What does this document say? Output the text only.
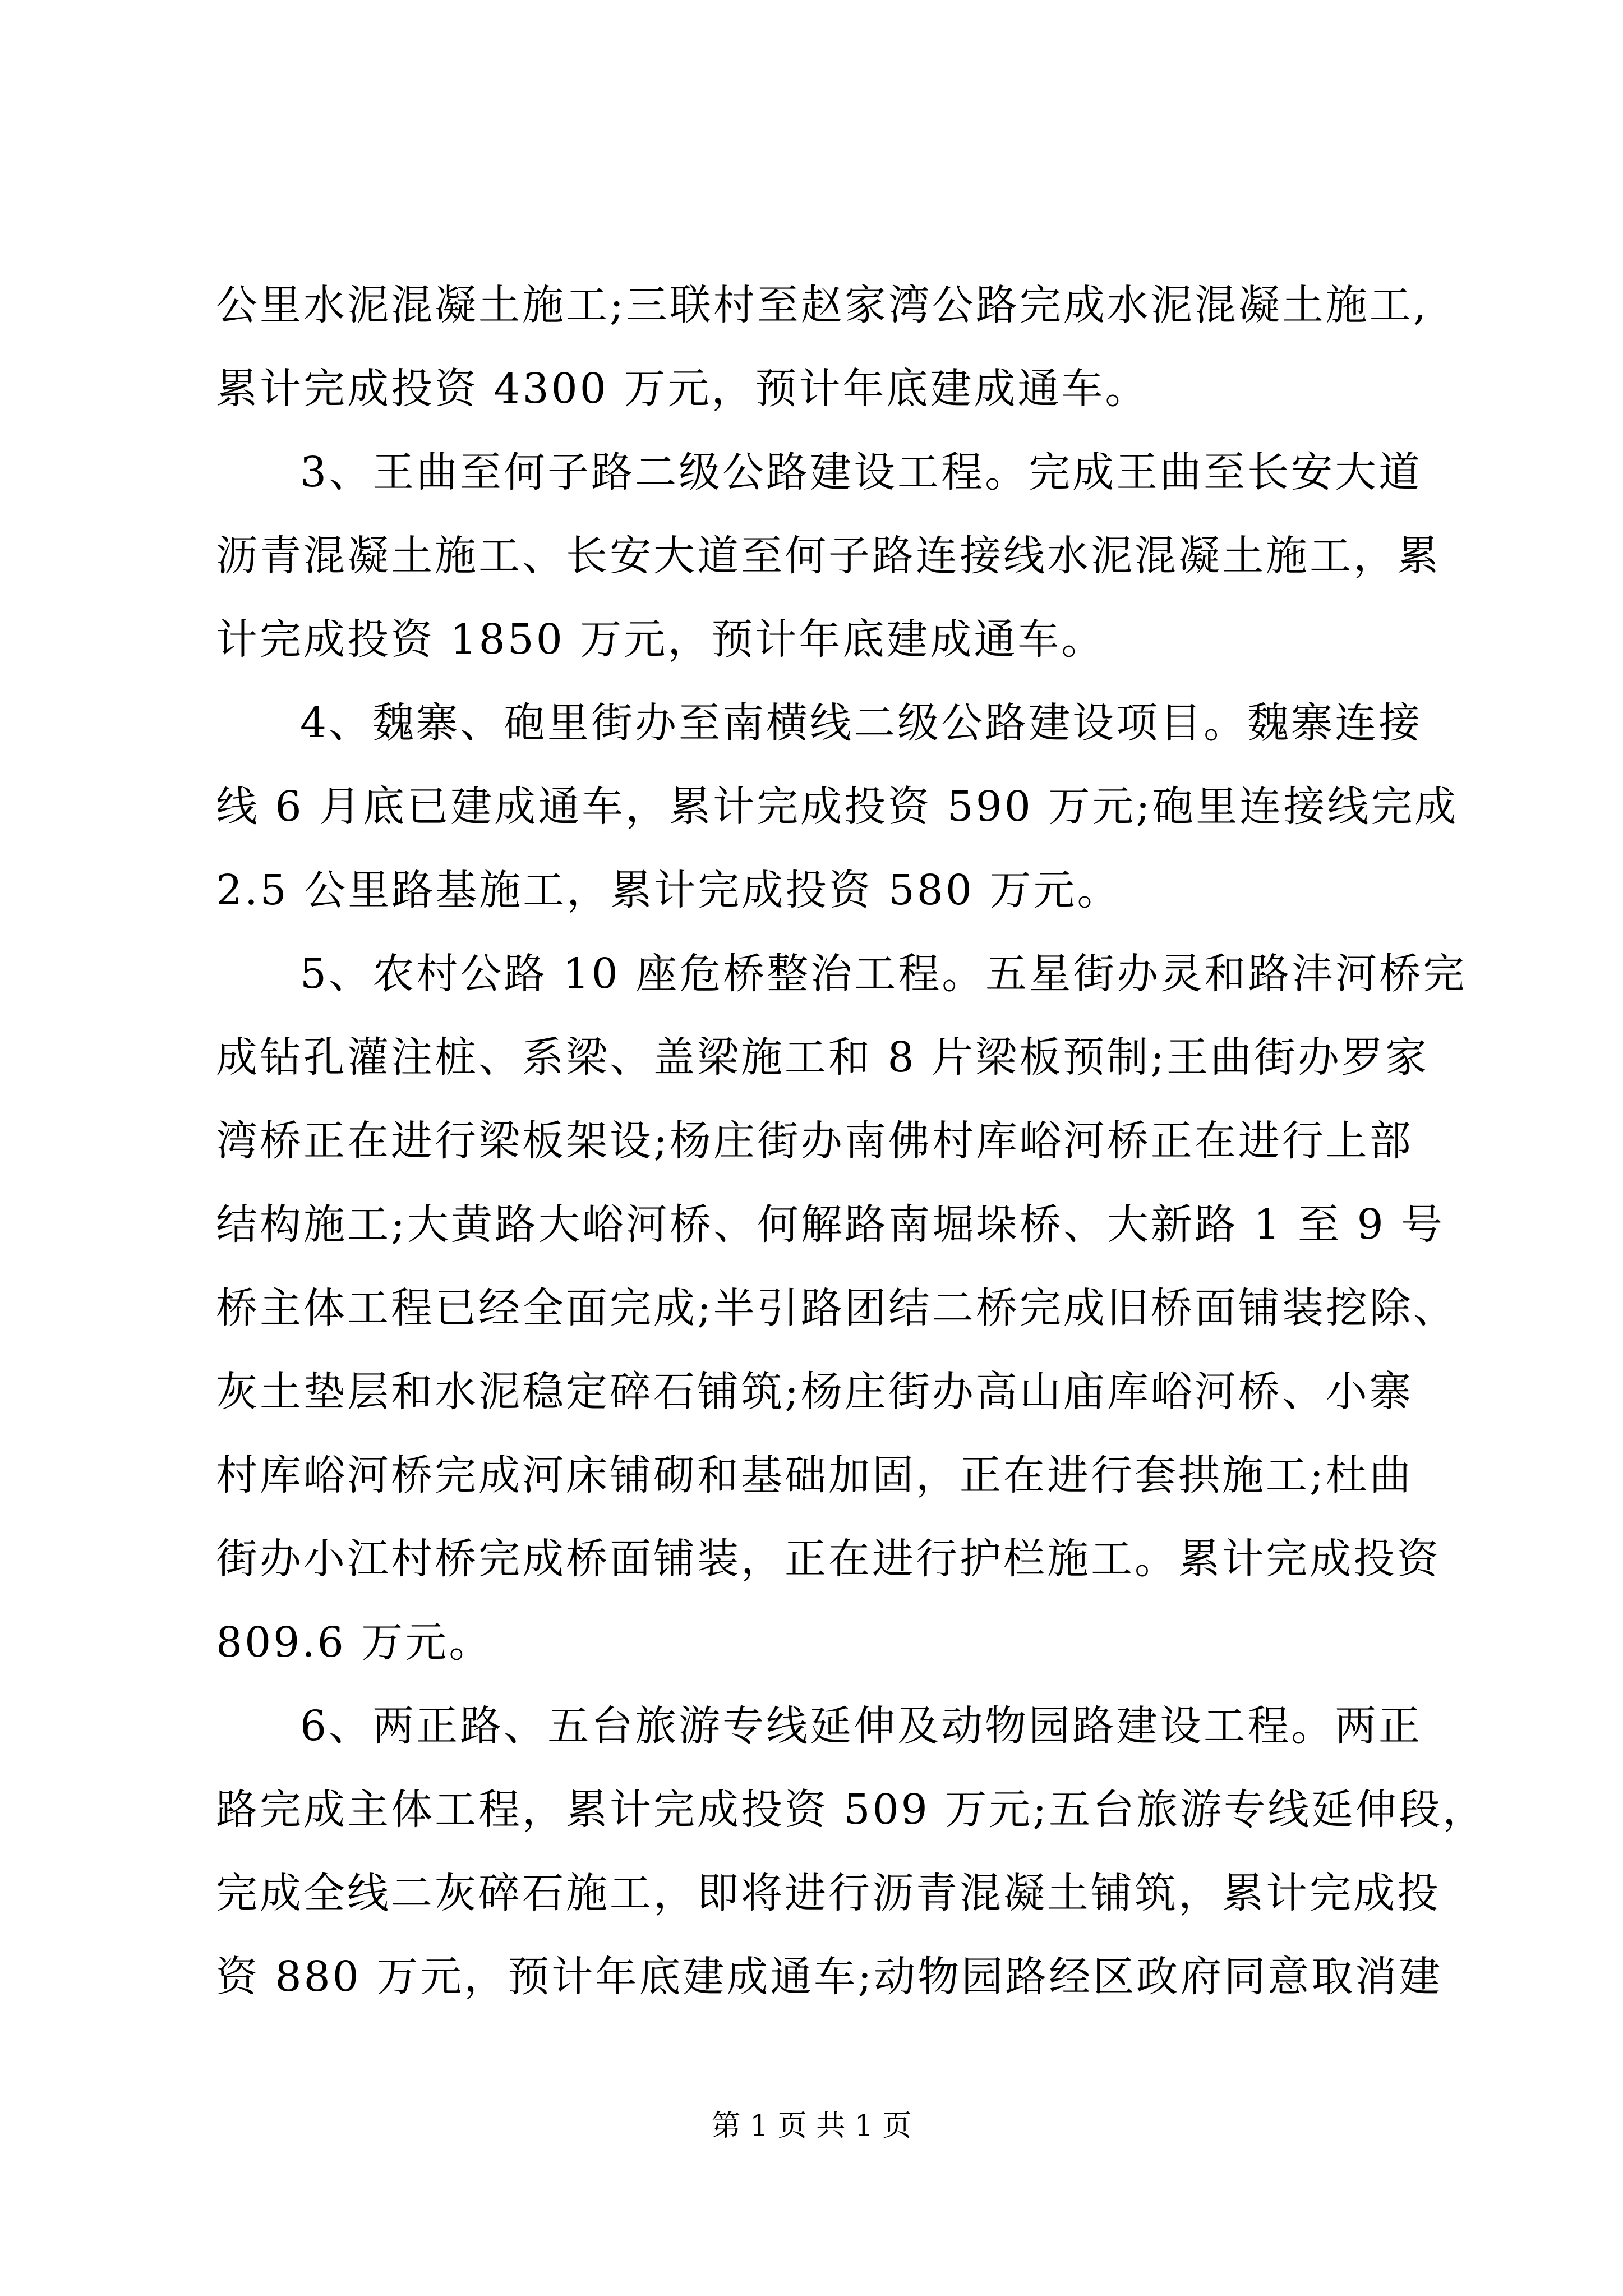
公里水泥混凝土施工;三联村至赵家湾公路完成水泥混凝土施工,
累计完成投资 4300 万元，预计年底建成通车。
3、王曲至何子路二级公路建设工程。完成王曲至长安大道
沥青混凝土施工、长安大道至何子路连接线水泥混凝土施工，累
计完成投资 1850 万元，预计年底建成通车。
4、魏寨、砲里街办至南横线二级公路建设项目。魏寨连接
线 6 月底已建成通车，累计完成投资 590 万元;砲里连接线完成
2.5 公里路基施工，累计完成投资 580 万元。
5、农村公路 10 座危桥整治工程。五星街办灵和路沣河桥完
成钻孔灌注桩、系梁、盖梁施工和 8 片梁板预制;王曲街办罗家
湾桥正在进行梁板架设;杨庄街办南佛村库峪河桥正在进行上部
结构施工;大黄路大峪河桥、何解路南堀垛桥、大新路 1 至 9 号
桥主体工程已经全面完成;半引路团结二桥完成旧桥面铺装挖除、
灰土垫层和水泥稳定碎石铺筑;杨庄街办高山庙库峪河桥、小寨
村库峪河桥完成河床铺砌和基础加固，正在进行套拱施工;杜曲
街办小江村桥完成桥面铺装，正在进行护栏施工。累计完成投资
809.6 万元。
6、两正路、五台旅游专线延伸及动物园路建设工程。两正
路完成主体工程，累计完成投资 509 万元;五台旅游专线延伸段，
完成全线二灰碎石施工，即将进行沥青混凝土铺筑，累计完成投
资 880 万元，预计年底建成通车;动物园路经区政府同意取消建
第 1 页 共 1 页
